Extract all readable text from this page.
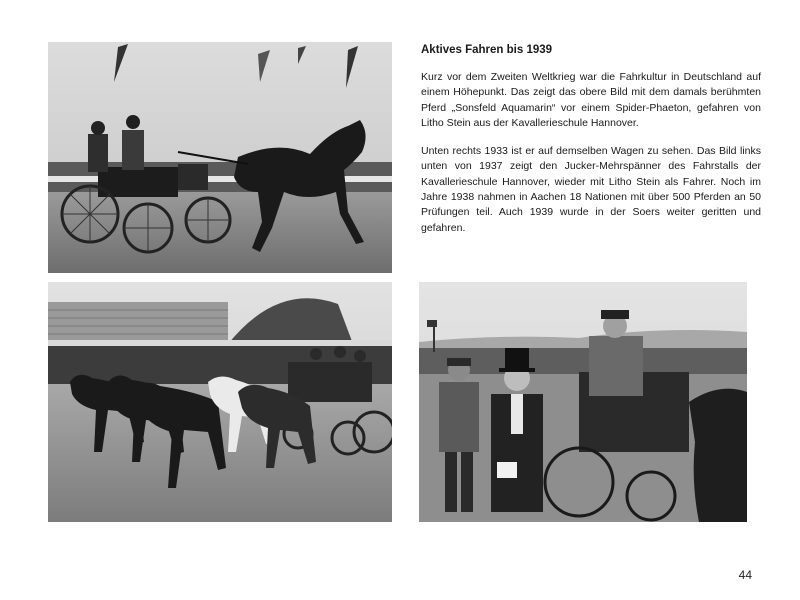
Aktives Fahren bis 1939

Kurz vor dem Zweiten Weltkrieg war die Fahrkultur in Deutschland auf einem Höhepunkt. Das zeigt das obere Bild mit dem damals berühmten Pferd „Sonsfeld Aquamarin“ vor einem Spider-Phaeton, gefahren von Litho Stein aus der Kavallerieschule Hannover.

Unten rechts 1933 ist er auf demselben Wagen zu sehen. Das Bild links unten von 1937 zeigt den Jucker-Mehrspänner des Fahrstalls der Kavallerieschule Hannover, wieder mit Litho Stein als Fahrer. Noch im Jahre 1938 nahmen in Aachen 18 Nationen mit über 500 Pferden an 50 Prüfungen teil. Auch 1939 wurde in der Soers weiter geritten und gefahren.

44
